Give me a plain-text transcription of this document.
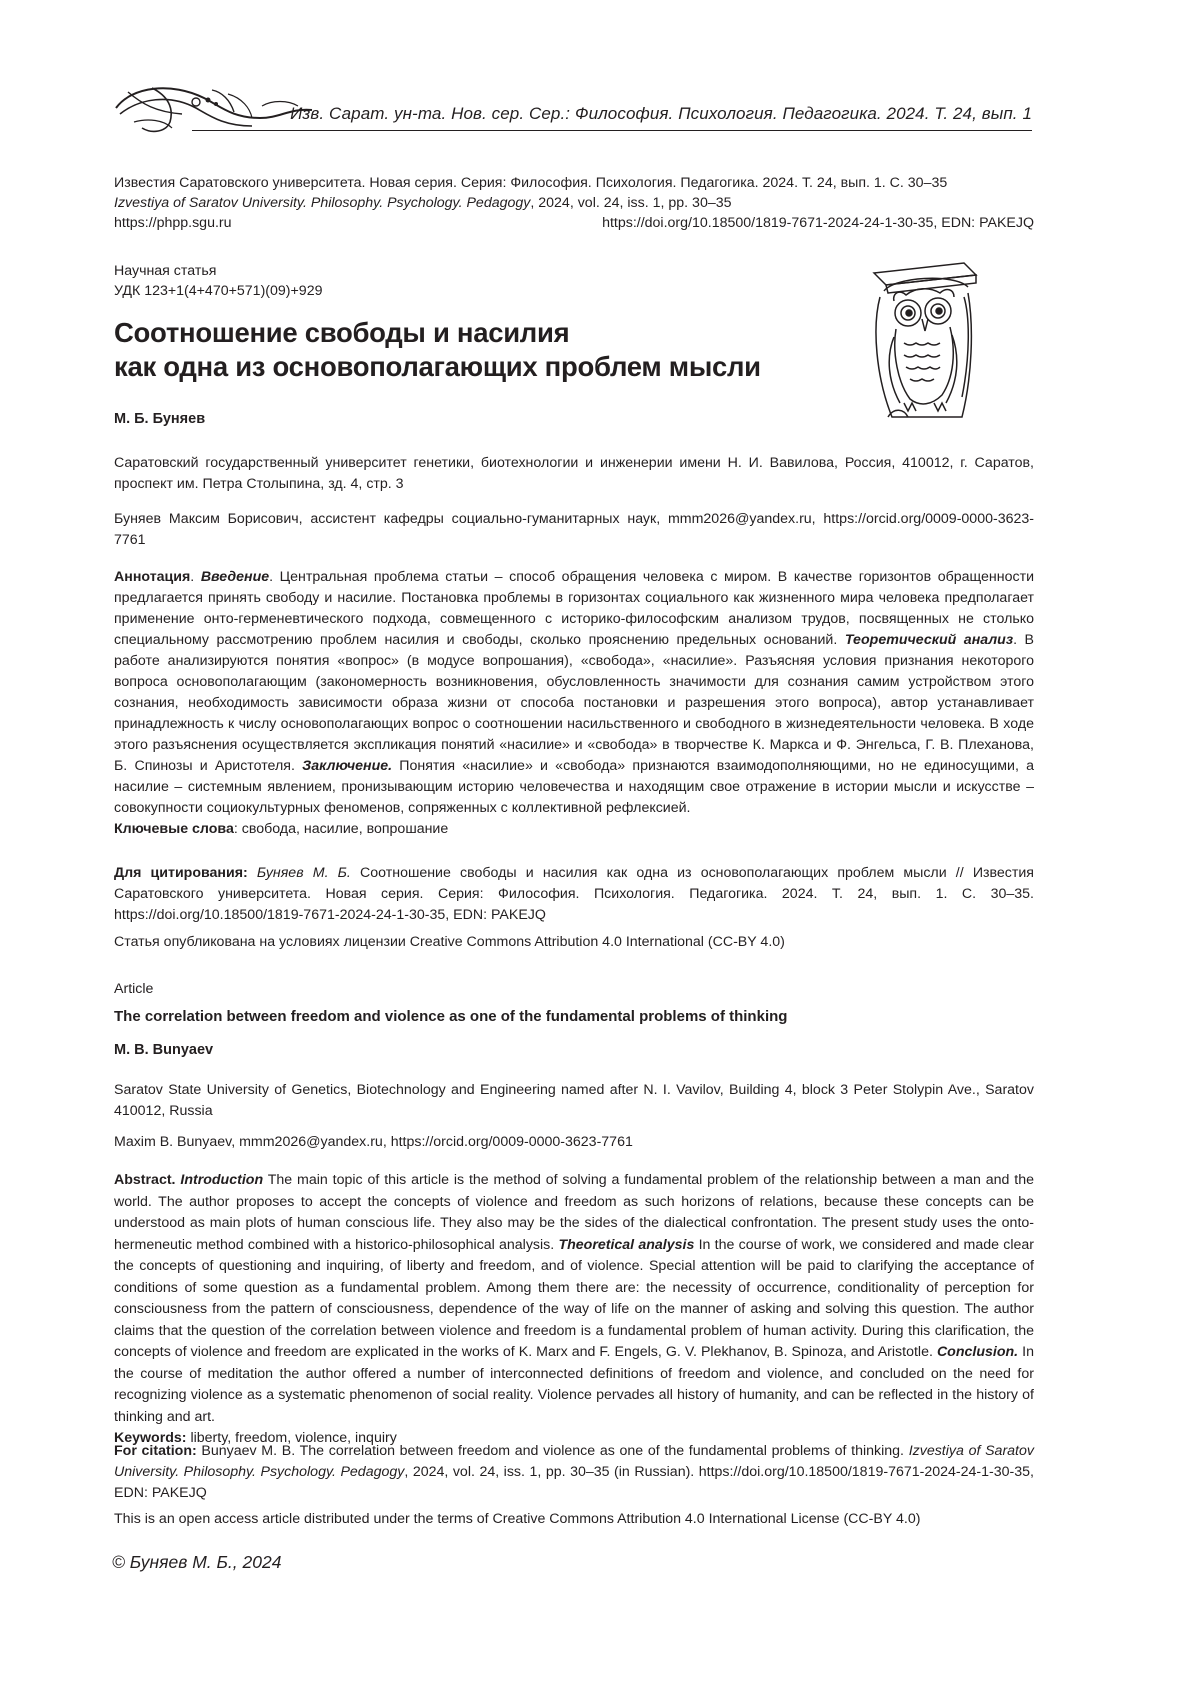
Изв. Сарат. ун-та. Нов. сер. Сер.: Философия. Психология. Педагогика. 2024. Т. 24, вып. 1
Известия Саратовского университета. Новая серия. Серия: Философия. Психология. Педагогика. 2024. Т. 24, вып. 1. С. 30–35
Izvestiya of Saratov University. Philosophy. Psychology. Pedagogy, 2024, vol. 24, iss. 1, pp. 30–35
https://phpp.sgu.ru	https://doi.org/10.18500/1819-7671-2024-24-1-30-35, EDN: PAKEJQ
Научная статья
УДК 123+1(4+470+571)(09)+929
Соотношение свободы и насилия
как одна из основополагающих проблем мысли
М. Б. Буняев
Саратовский государственный университет генетики, биотехнологии и инженерии имени Н. И. Вавилова, Россия, 410012, г. Саратов, проспект им. Петра Столыпина, зд. 4, стр. 3
Буняев Максим Борисович, ассистент кафедры социально-гуманитарных наук, mmm2026@yandex.ru, https://orcid.org/0009-0000-3623-7761
Аннотация. Введение. Центральная проблема статьи – способ обращения человека с миром. В качестве горизонтов обращенности предлагается принять свободу и насилие. Постановка проблемы в горизонтах социального как жизненного мира человека предполагает применение онто-герменевтического подхода, совмещенного с историко-философским анализом трудов, посвященных не столько специальному рассмотрению проблем насилия и свободы, сколько прояснению предельных оснований. Теоретический анализ. В работе анализируются понятия «вопрос» (в модусе вопрошания), «свобода», «насилие». Разъясняя условия признания некоторого вопроса основополагающим (закономерность возникновения, обусловленность значимости для сознания самим устройством этого сознания, необходимость зависимости образа жизни от способа постановки и разрешения этого вопроса), автор устанавливает принадлежность к числу основополагающих вопрос о соотношении насильственного и свободного в жизнедеятельности человека. В ходе этого разъяснения осуществляется экспликация понятий «насилие» и «свобода» в творчестве К. Маркса и Ф. Энгельса, Г. В. Плеханова, Б. Спинозы и Аристотеля. Заключение. Понятия «насилие» и «свобода» признаются взаимодополняющими, но не единосущими, а насилие – системным явлением, пронизывающим историю человечества и находящим свое отражение в истории мысли и искусстве – совокупности социокультурных феноменов, сопряженных с коллективной рефлексией.
Ключевые слова: свобода, насилие, вопрошание
Для цитирования: Буняев М. Б. Соотношение свободы и насилия как одна из основополагающих проблем мысли // Известия Саратовского университета. Новая серия. Серия: Философия. Психология. Педагогика. 2024. Т. 24, вып. 1. С. 30–35. https://doi.org/10.18500/1819-7671-2024-24-1-30-35, EDN: PAKEJQ
Статья опубликована на условиях лицензии Creative Commons Attribution 4.0 International (СС-BY 4.0)
Article
The correlation between freedom and violence as one of the fundamental problems of thinking
M. B. Bunyaev
Saratov State University of Genetics, Biotechnology and Engineering named after N. I. Vavilov, Building 4, block 3 Peter Stolypin Ave., Saratov 410012, Russia
Maxim B. Bunyaev, mmm2026@yandex.ru, https://orcid.org/0009-0000-3623-7761
Abstract. Introduction The main topic of this article is the method of solving a fundamental problem of the relationship between a man and the world. The author proposes to accept the concepts of violence and freedom as such horizons of relations, because these concepts can be understood as main plots of human conscious life. They also may be the sides of the dialectical confrontation. The present study uses the onto-hermeneutic method combined with a historico-philosophical analysis. Theoretical analysis In the course of work, we considered and made clear the concepts of questioning and inquiring, of liberty and freedom, and of violence. Special attention will be paid to clarifying the acceptance of conditions of some question as a fundamental problem. Among them there are: the necessity of occurrence, conditionality of perception for consciousness from the pattern of consciousness, dependence of the way of life on the manner of asking and solving this question. The author claims that the question of the correlation between violence and freedom is a fundamental problem of human activity. During this clarification, the concepts of violence and freedom are explicated in the works of K. Marx and F. Engels, G. V. Plekhanov, B. Spinoza, and Aristotle. Conclusion. In the course of meditation the author offered a number of interconnected definitions of freedom and violence, and concluded on the need for recognizing violence as a systematic phenomenon of social reality. Violence pervades all history of humanity, and can be reflected in the history of thinking and art.
Keywords: liberty, freedom, violence, inquiry
For citation: Bunyaev M. B. The correlation between freedom and violence as one of the fundamental problems of thinking. Izvestiya of Saratov University. Philosophy. Psychology. Pedagogy, 2024, vol. 24, iss. 1, pp. 30–35 (in Russian). https://doi.org/10.18500/1819-7671-2024-24-1-30-35, EDN: PAKEJQ
This is an open access article distributed under the terms of Creative Commons Attribution 4.0 International License (CC-BY 4.0)
© Буняев М. Б., 2024
